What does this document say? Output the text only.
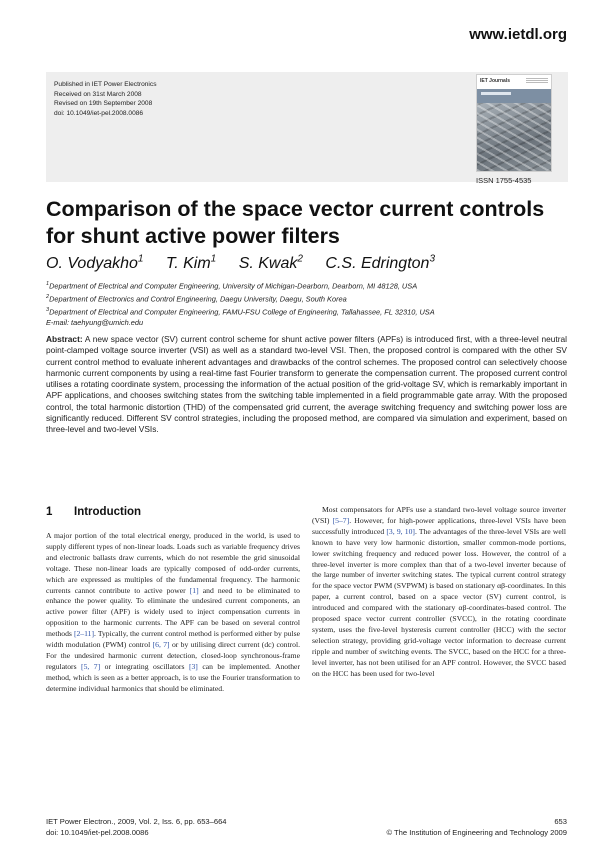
www.ietdl.org
Published in IET Power Electronics
Received on 31st March 2008
Revised on 19th September 2008
doi: 10.1049/iet-pel.2008.0086
IET Journals
ISSN 1755-4535
Comparison of the space vector current controls for shunt active power filters
O. Vodyakho$^1$ T. Kim$^1$ S. Kwak$^2$ C.S. Edrington$^3$
$^1$Department of Electrical and Computer Engineering, University of Michigan-Dearborn, Dearborn, MI 48128, USA
$^2$Department of Electronics and Control Engineering, Daegu University, Daegu, South Korea
$^3$Department of Electrical and Computer Engineering, FAMU-FSU College of Engineering, Tallahassee, FL 32310, USA
E-mail: taehyung@umich.edu

Abstract: A new space vector (SV) current control scheme for shunt active power filters (APFs) is introduced first, with a three-level neutral point-clamped voltage source inverter (VSI) as well as a standard two-level VSI. Then, the proposed control is compared with the other SV current control method to evaluate inherent advantages and drawbacks of the control schemes. The proposed control can selectively choose harmonic current components by using a real-time fast Fourier transform to generate the compensation current. The proposed current control utilises a rotating coordinate system, processing the information of the actual position of the grid-voltage SV, which is remarkably important in APF applications, and chooses switching states from the switching table implemented in a field programmable gate array. With the proposed control, the total harmonic distortion (THD) of the compensated grid current, the average switching frequency and switching power loss are significantly reduced. Different SV control strategies, including the proposed method, are compared via simulation and experiment, based on three-level and two-level VSIs.

1 Introduction

A major portion of the total electrical energy, produced in the world, is used to supply different types of non-linear loads. Loads such as variable frequency drives and electronic ballasts draw currents, which do not resemble the grid sinusoidal voltage. These non-linear loads are typically composed of odd-order currents, which are expressed as multiples of the fundamental frequency. The harmonic currents cannot contribute to active power [1] and need to be eliminated to enhance the power quality. To eliminate the undesired current components, an active power filter (APF) is widely used to inject compensation currents in opposition to the harmonic currents. The APF can be based on several control methods [2–11]. Typically, the current control method is performed either by pulse width modulation (PWM) control [6, 7] or by utilising direct current (dc) control. For the undesired harmonic current detection, closed-loop synchronous-frame regulators [5, 7] or integrating oscillators [3] can be implemented. Another method, which is seen as a better approach, is to use the Fourier transformation to determine individual harmonics that should be eliminated.

Most compensators for APFs use a standard two-level voltage source inverter (VSI) [5–7]. However, for high-power applications, three-level VSIs have been successfully introduced [3, 9, 10]. The advantages of the three-level VSIs are well known to have very low harmonic distortion, smaller common-mode portions, lower switching frequency and reduced power loss. However, the control of a three-level inverter is more complex than that of a two-level inverter because of the large number of inverter switching states. The typical current control strategy for the space vector PWM (SVPWM) is based on stationary αβ-coordinates. In this paper, a current control, based on a space vector (SV) current control, is introduced and compared with the stationary αβ-coordinates-based control. The proposed space vector current controller (SVCC), in the rotating coordinate system, uses the five-level hysteresis current controller (HCC) with the sector selection strategy, providing grid-voltage vector information to decrease current ripple and number of switching events. The SVCC, based on the HCC for a three-level inverter, has not been utilised for an APF control. However, the SVCC based on the HCC has been used for two-level

IET Power Electron., 2009, Vol. 2, Iss. 6, pp. 653–664
doi: 10.1049/iet-pel.2008.0086
653
© The Institution of Engineering and Technology 2009
